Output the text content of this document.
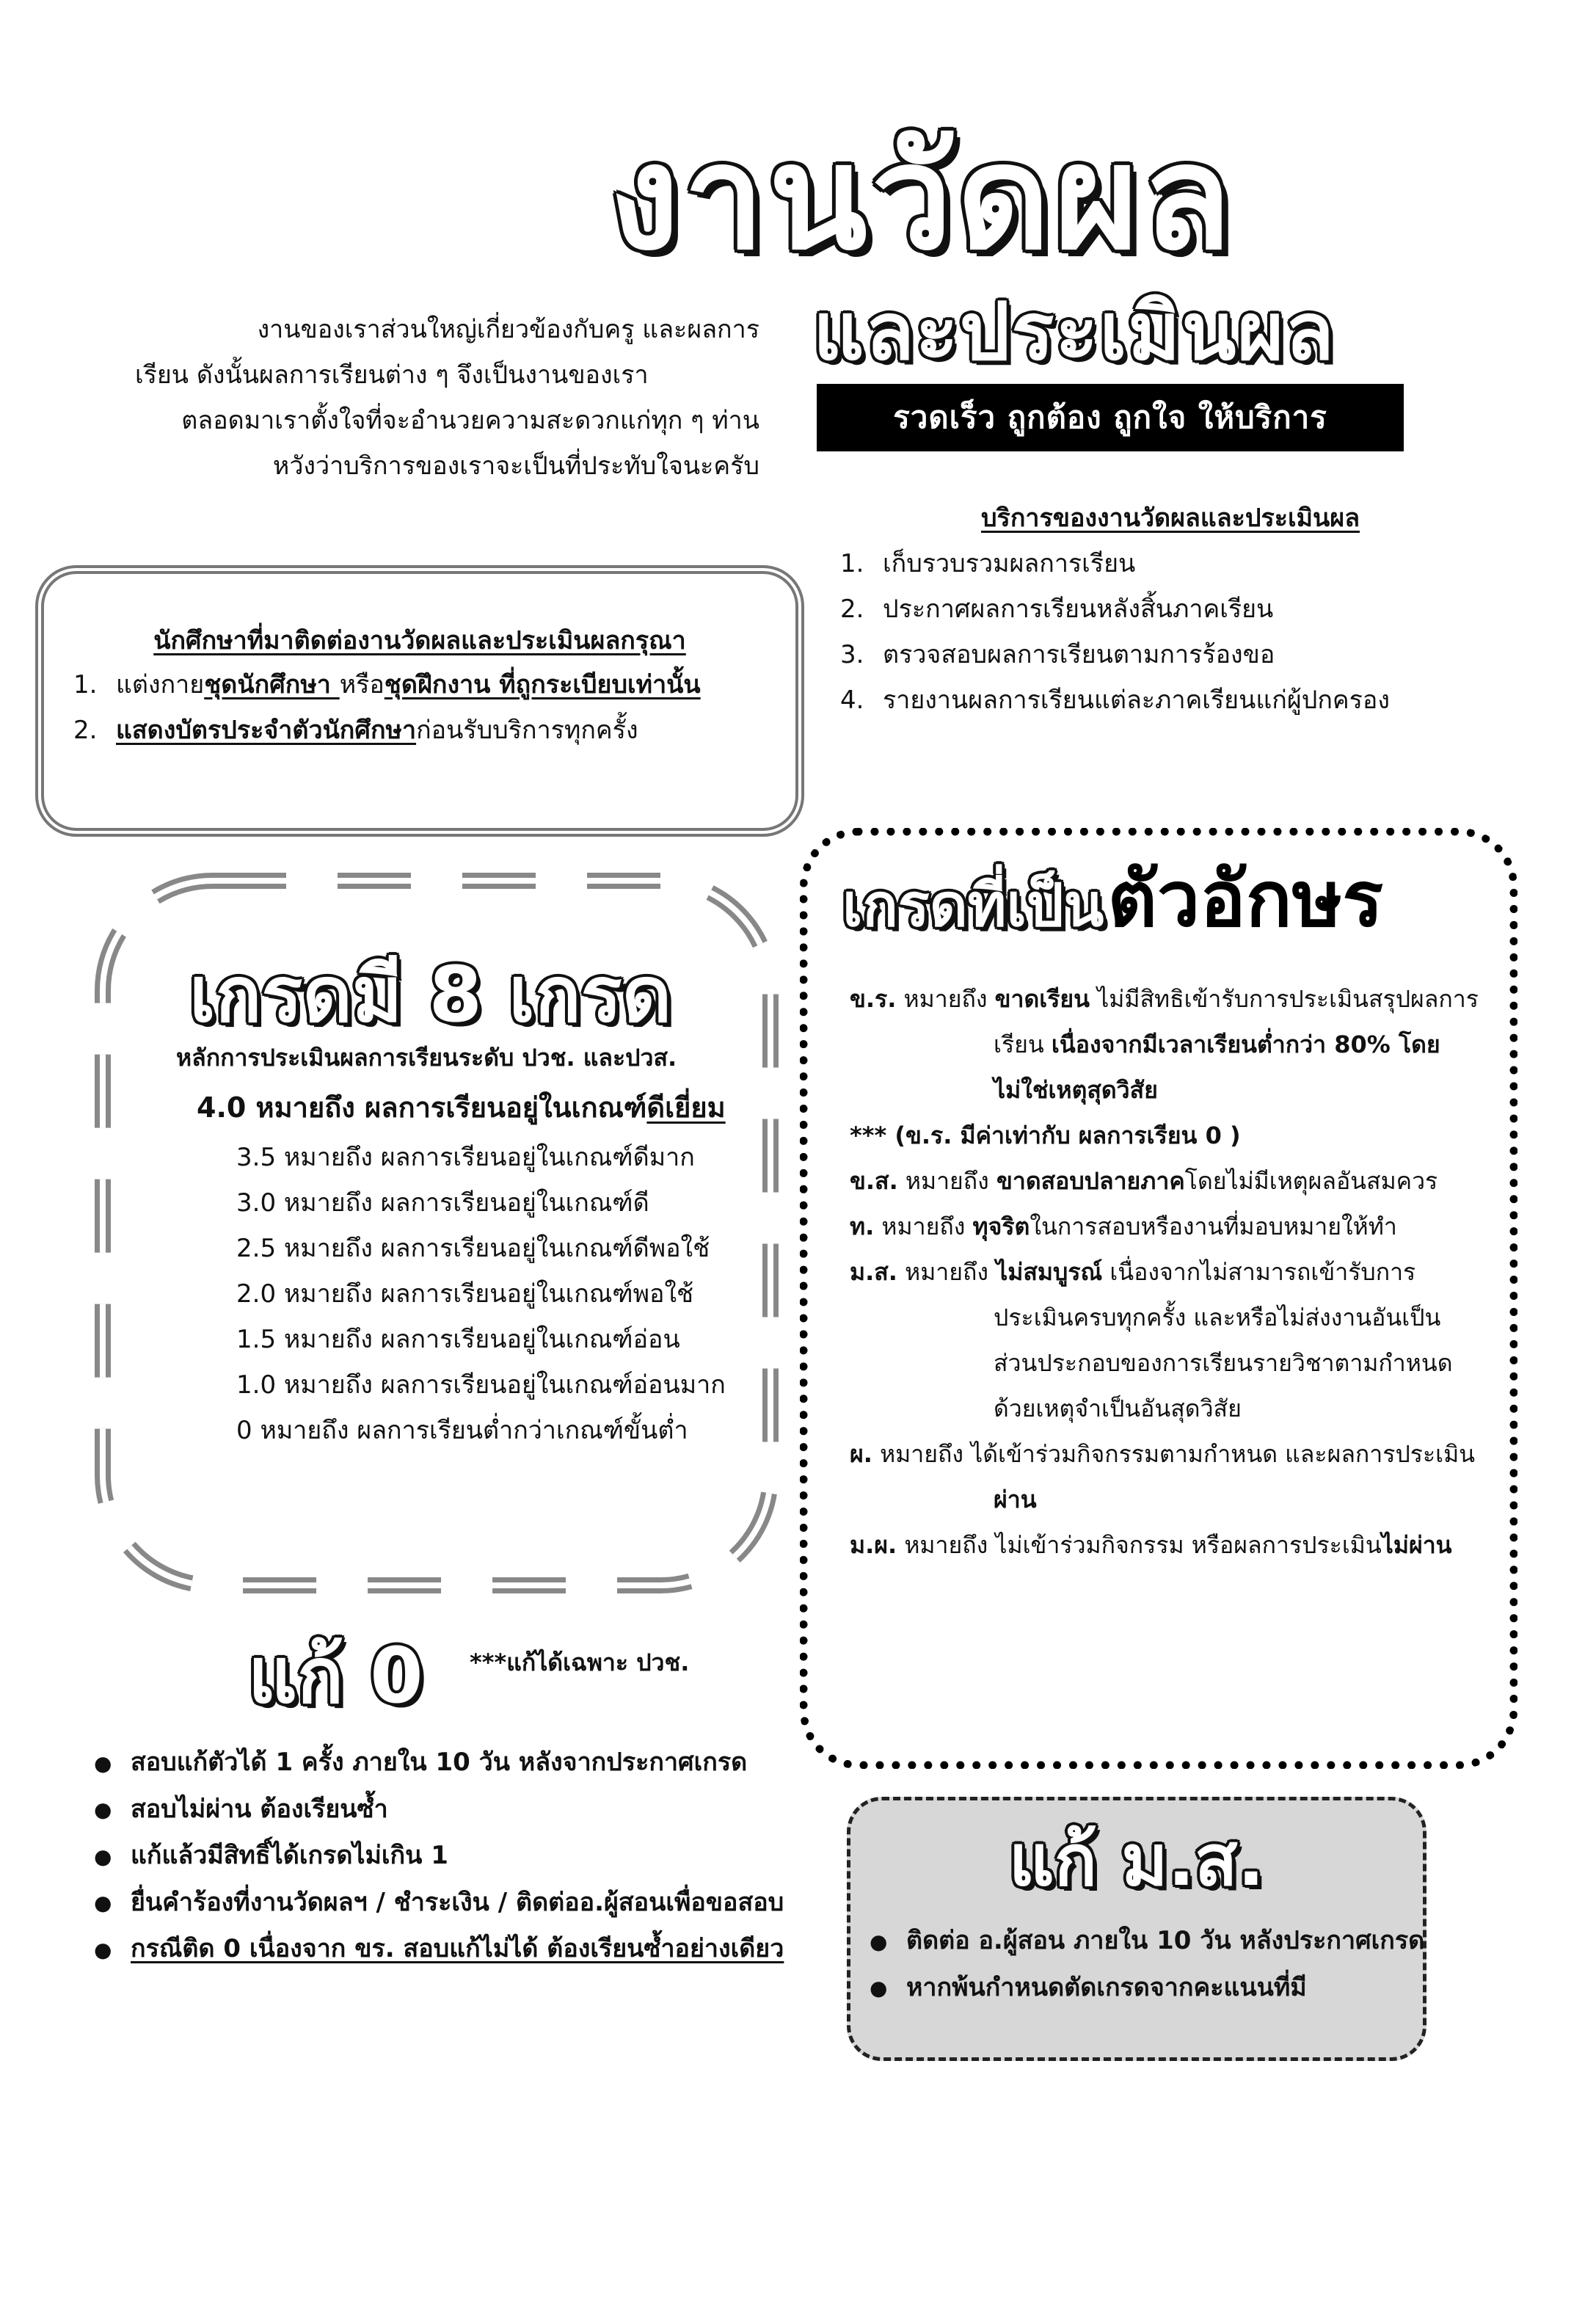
งานวัดผล
และประเมินผล
รวดเร็ว ถูกต้อง ถูกใจ ให้บริการ
งานของเราส่วนใหญ่เกี่ยวข้องกับครู และผลการ
เรียน ดังนั้นผลการเรียนต่าง ๆ จึงเป็นงานของเรา
ตลอดมาเราตั้งใจที่จะอำนวยความสะดวกแก่ทุก ๆ ท่าน
หวังว่าบริการของเราจะเป็นที่ประทับใจนะครับ
บริการของงานวัดผลและประเมินผล
1. เก็บรวบรวมผลการเรียน
2. ประกาศผลการเรียนหลังสิ้นภาคเรียน
3. ตรวจสอบผลการเรียนตามการร้องขอ
4. รายงานผลการเรียนแต่ละภาคเรียนแก่ผู้ปกครอง
นักศึกษาที่มาติดต่องานวัดผลและประเมินผลกรุณา
1. แต่งกายชุดนักศึกษา หรือชุดฝึกงาน ที่ถูกระเบียบเท่านั้น
2. แสดงบัตรประจำตัวนักศึกษาก่อนรับบริการทุกครั้ง
เกรดมี 8 เกรด
หลักการประเมินผลการเรียนระดับ ปวช. และปวส.
4.0 หมายถึง ผลการเรียนอยู่ในเกณฑ์ดีเยี่ยม
3.5 หมายถึง ผลการเรียนอยู่ในเกณฑ์ดีมาก
3.0 หมายถึง ผลการเรียนอยู่ในเกณฑ์ดี
2.5 หมายถึง ผลการเรียนอยู่ในเกณฑ์ดีพอใช้
2.0 หมายถึง ผลการเรียนอยู่ในเกณฑ์พอใช้
1.5 หมายถึง ผลการเรียนอยู่ในเกณฑ์อ่อน
1.0 หมายถึง ผลการเรียนอยู่ในเกณฑ์อ่อนมาก
0 หมายถึง ผลการเรียนต่ำกว่าเกณฑ์ขั้นต่ำ
เกรดที่เป็น ตัวอักษร
ข.ร. หมายถึง ขาดเรียน ไม่มีสิทธิเข้ารับการประเมินสรุปผลการ
เรียน เนื่องจากมีเวลาเรียนต่ำกว่า 80% โดย
ไม่ใช่เหตุสุดวิสัย
*** (ข.ร. มีค่าเท่ากับ ผลการเรียน 0 )
ข.ส. หมายถึง ขาดสอบปลายภาคโดยไม่มีเหตุผลอันสมควร
ท. หมายถึง ทุจริตในการสอบหรืองานที่มอบหมายให้ทำ
ม.ส. หมายถึง ไม่สมบูรณ์ เนื่องจากไม่สามารถเข้ารับการ
ประเมินครบทุกครั้ง และหรือไม่ส่งงานอันเป็น
ส่วนประกอบของการเรียนรายวิชาตามกำหนด
ด้วยเหตุจำเป็นอันสุดวิสัย
ผ. หมายถึง ได้เข้าร่วมกิจกรรมตามกำหนด และผลการประเมิน
ผ่าน
ม.ผ. หมายถึง ไม่เข้าร่วมกิจกรรม หรือผลการประเมินไม่ผ่าน
แก้ 0 ***แก้ได้เฉพาะ ปวช.
● สอบแก้ตัวได้ 1 ครั้ง ภายใน 10 วัน หลังจากประกาศเกรด
● สอบไม่ผ่าน ต้องเรียนซ้ำ
● แก้แล้วมีสิทธิ์ได้เกรดไม่เกิน 1
● ยื่นคำร้องที่งานวัดผลฯ / ชำระเงิน / ติดต่ออ.ผู้สอนเพื่อขอสอบ
● กรณีติด 0 เนื่องจาก ขร. สอบแก้ไม่ได้ ต้องเรียนซ้ำอย่างเดียว
แก้ ม.ส.
● ติดต่อ อ.ผู้สอน ภายใน 10 วัน หลังประกาศเกรด
● หากพ้นกำหนดตัดเกรดจากคะแนนที่มี
